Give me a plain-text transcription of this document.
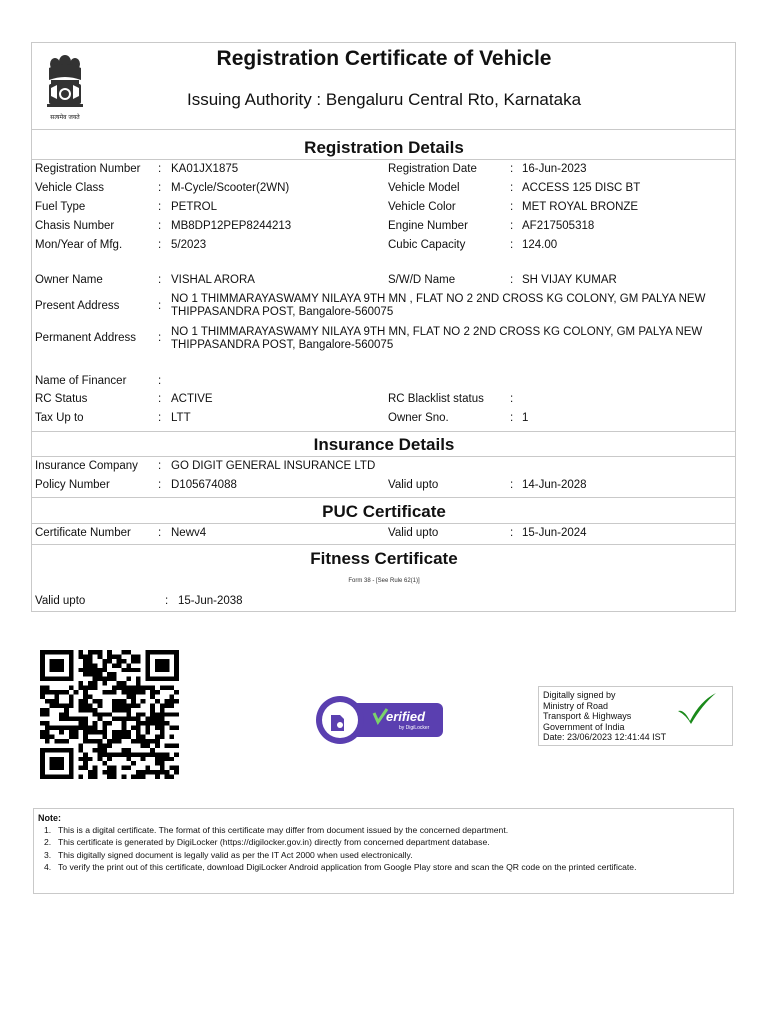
सत्यमेव जयते
Registration Certificate of Vehicle
Issuing Authority : Bengaluru Central Rto, Karnataka
Registration Details
Registration Number : KA01JX1875	Registration Date	: 16-Jun-2023
Vehicle Class	: M-Cycle/Scooter(2WN)	Vehicle Model	: ACCESS 125 DISC BT
Fuel Type	: PETROL	Vehicle Color	: MET ROYAL BRONZE
Chasis Number	: MB8DP12PEP8244213	Engine Number	: AF217505318
Mon/Year of Mfg.	: 5/2023	Cubic Capacity	: 124.00
Owner Name	: VISHAL ARORA	S/W/D Name	: SH VIJAY KUMAR
Present Address	:
NO 1 THIMMARAYASWAMY NILAYA 9TH MN , FLAT NO 2 2ND CROSS KG COLONY, GM PALYA NEW THIPPASANDRA POST, Bangalore-560075
Permanent Address : NO 1 THIMMARAYASWAMY NILAYA 9TH MN, FLAT NO 2 2ND CROSS KG COLONY, GM PALYA NEW THIPPASANDRA POST, Bangalore-560075
Name of Financer	:
RC Status	: ACTIVE	RC Blacklist status :
Tax Up to	: LTT	Owner Sno.	: 1
Insurance Details
Insurance Company : GO DIGIT GENERAL INSURANCE LTD
Policy Number	: D105674088	Valid upto	: 14-Jun-2028
PUC Certificate
Certificate Number : Newv4	Valid upto	: 15-Jun-2024
Fitness Certificate
Form 38 - [See Rule 62(1)]
Valid upto	: 15-Jun-2038
erified
by DigiLocker
Digitally signed by
Ministry of Road
Transport & Highways
Government of India
Date: 23/06/2023 12:41:44 IST
Note:
1. This is a digital certificate. The format of this certificate may differ from document issued by the concerned department.
2. This certificate is generated by DigiLocker (https://digilocker.gov.in) directly from concerned department database.
3. This digitally signed document is legally valid as per the IT Act 2000 when used electronically.
4. To verify the print out of this certificate, download DigiLocker Android application from Google Play store and scan the QR code on the printed certificate.
